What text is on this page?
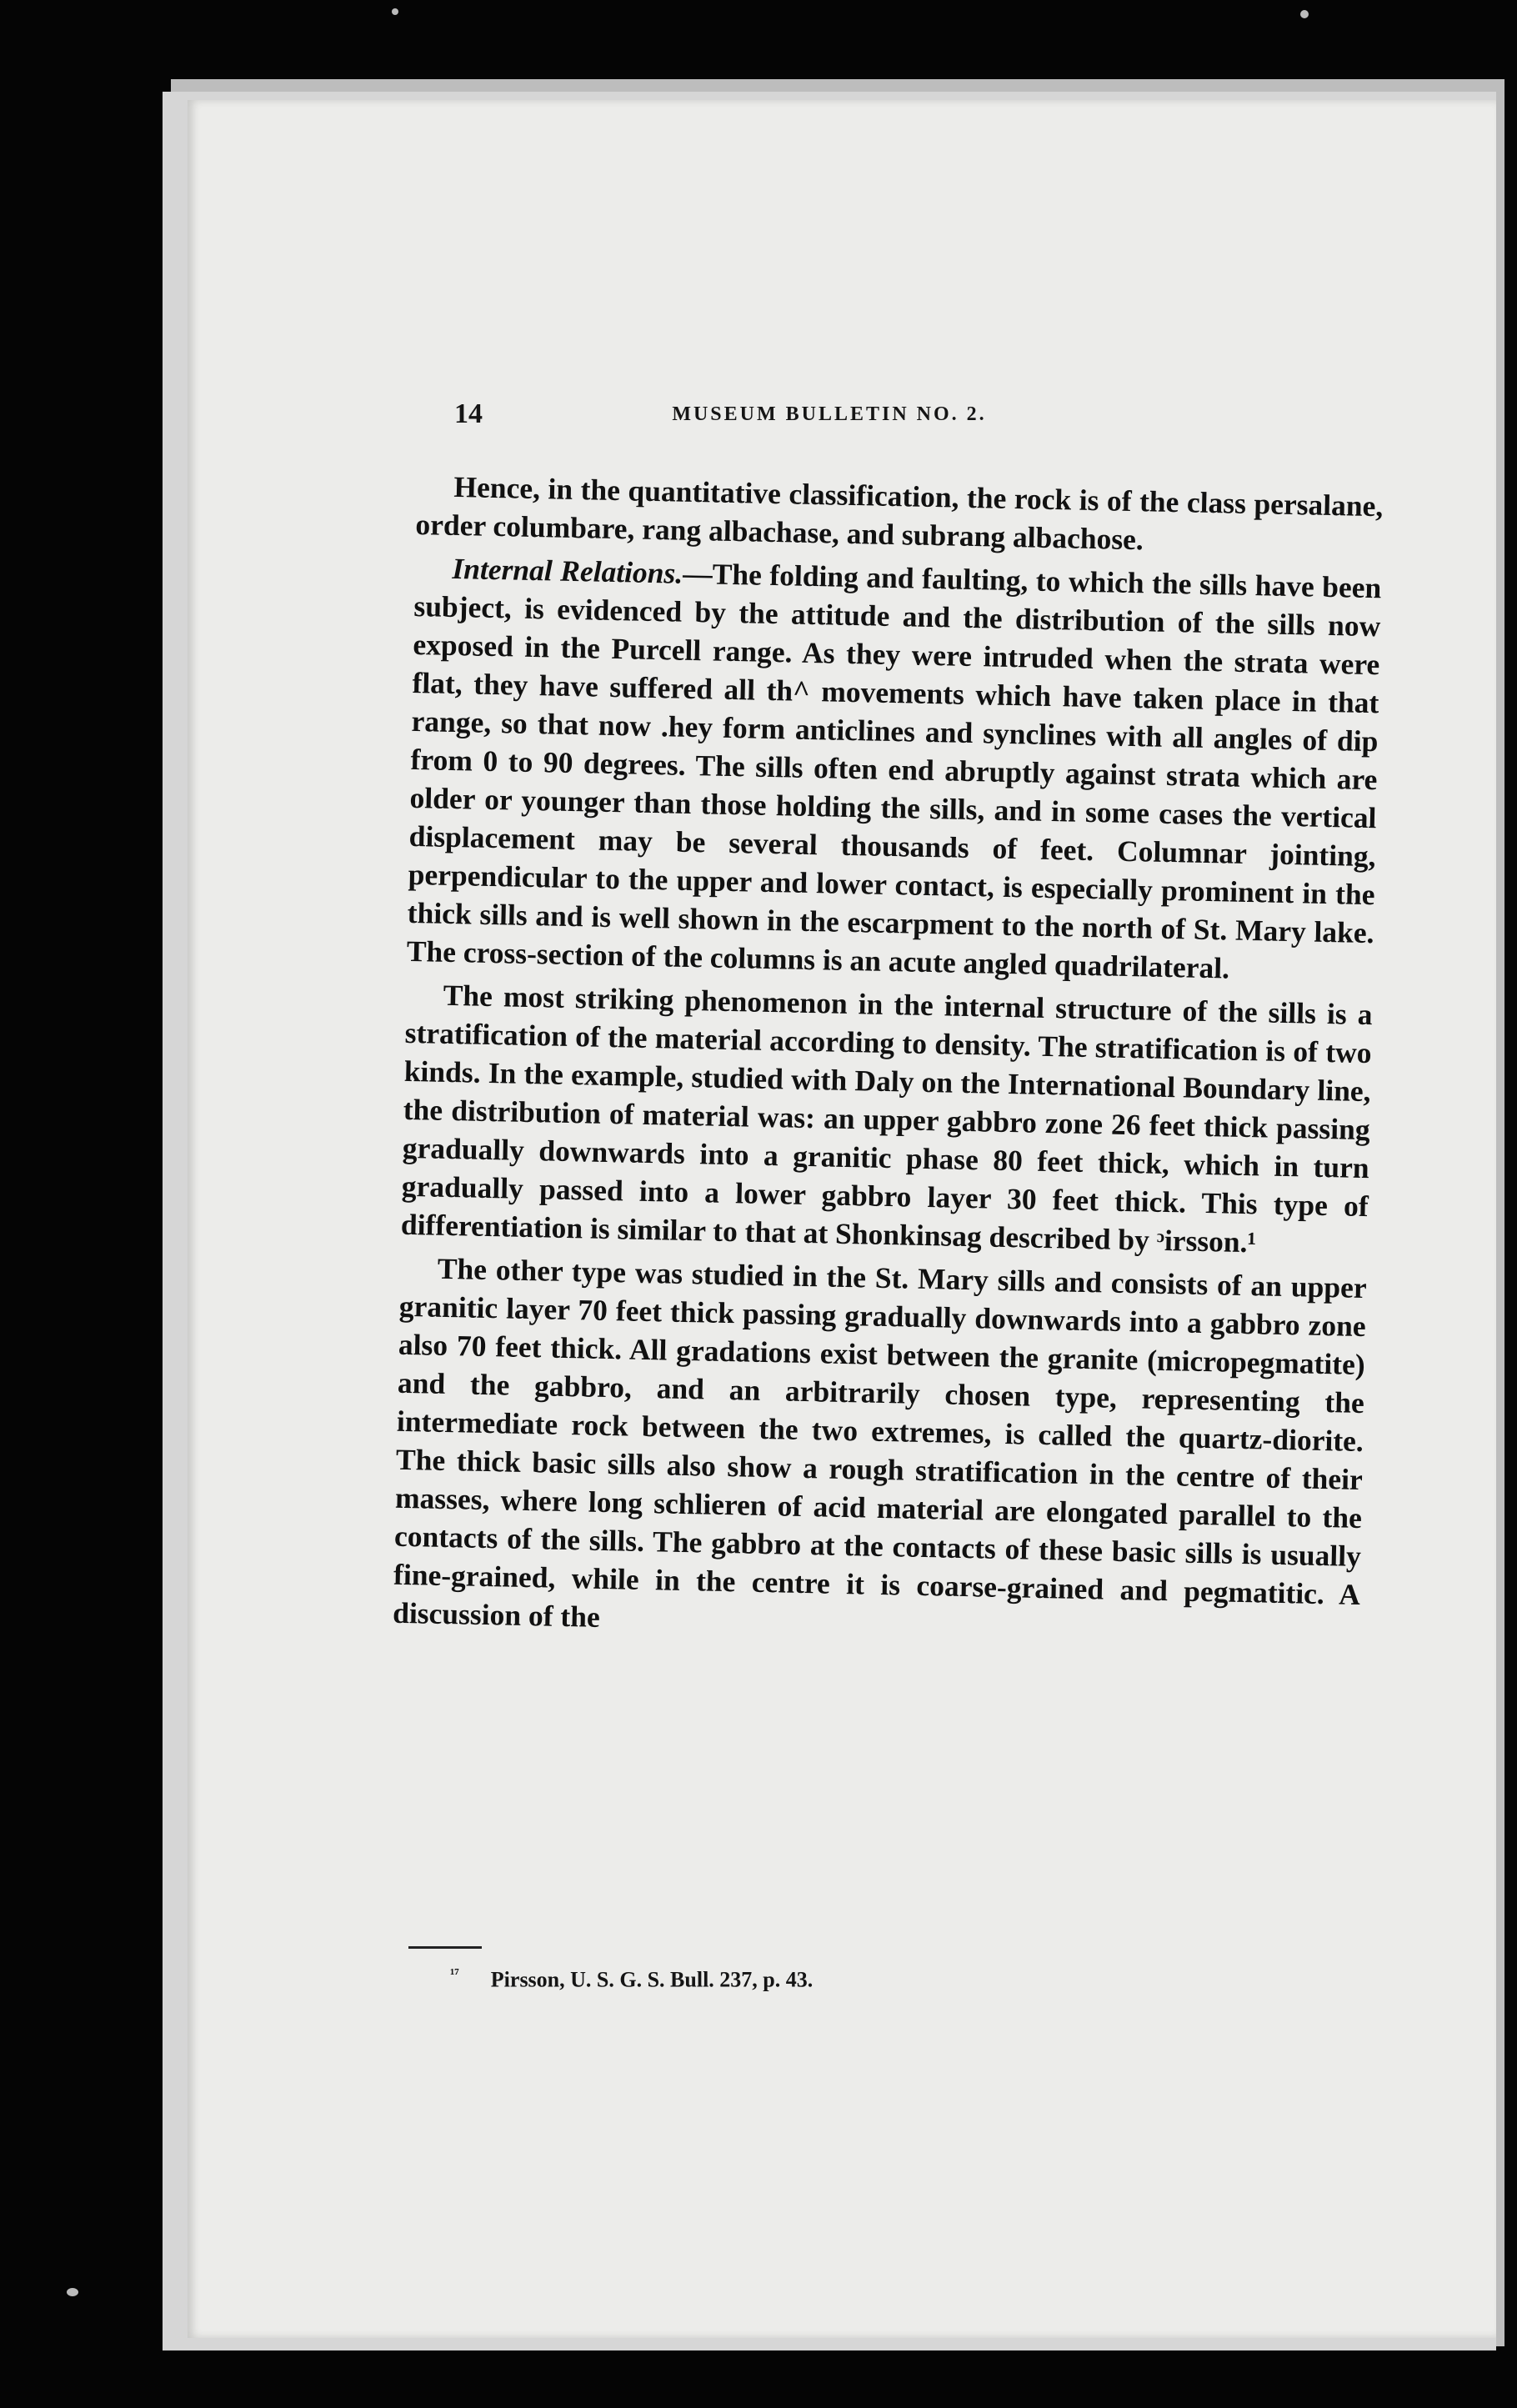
14	MUSEUM BULLETIN NO. 2.

Hence, in the quantitative classification, the rock is of the class persalane, order columbare, rang albachase, and subrang albachose.

Internal Relations.—The folding and faulting, to which the sills have been subject, is evidenced by the attitude and the distribution of the sills now exposed in the Purcell range. As they were intruded when the strata were flat, they have suffered all th^ movements which have taken place in that range, so that now .hey form anticlines and synclines with all angles of dip from 0 to 90 degrees. The sills often end abruptly against strata which are older or younger than those holding the sills, and in some cases the vertical displacement may be several thousands of feet. Columnar jointing, perpendicular to the upper and lower contact, is especially prominent in the thick sills and is well shown in the escarpment to the north of St. Mary lake. The cross-section of the columns is an acute angled quadrilateral.

The most striking phenomenon in the internal structure of the sills is a stratification of the material according to density. The stratification is of two kinds. In the example, studied with Daly on the International Boundary line, the distribution of material was: an upper gabbro zone 26 feet thick passing gradually downwards into a granitic phase 80 feet thick, which in turn gradually passed into a lower gabbro layer 30 feet thick. This type of differentiation is similar to that at Shonkinsag described by ᵓirsson.¹

The other type was studied in the St. Mary sills and consists of an upper granitic layer 70 feet thick passing gradually downwards into a gabbro zone also 70 feet thick. All gradations exist between the granite (micropegmatite) and the gabbro, and an arbitrarily chosen type, representing the intermediate rock between the two extremes, is called the quartz-diorite. The thick basic sills also show a rough stratification in the centre of their masses, where long schlieren of acid material are elongated parallel to the contacts of the sills. The gabbro at the contacts of these basic sills is usually fine-grained, while in the centre it is coarse-grained and pegmatitic. A discussion of the

$^{^{17}}$ Pirsson, U. S. G. S. Bull. 237, p. 43.
